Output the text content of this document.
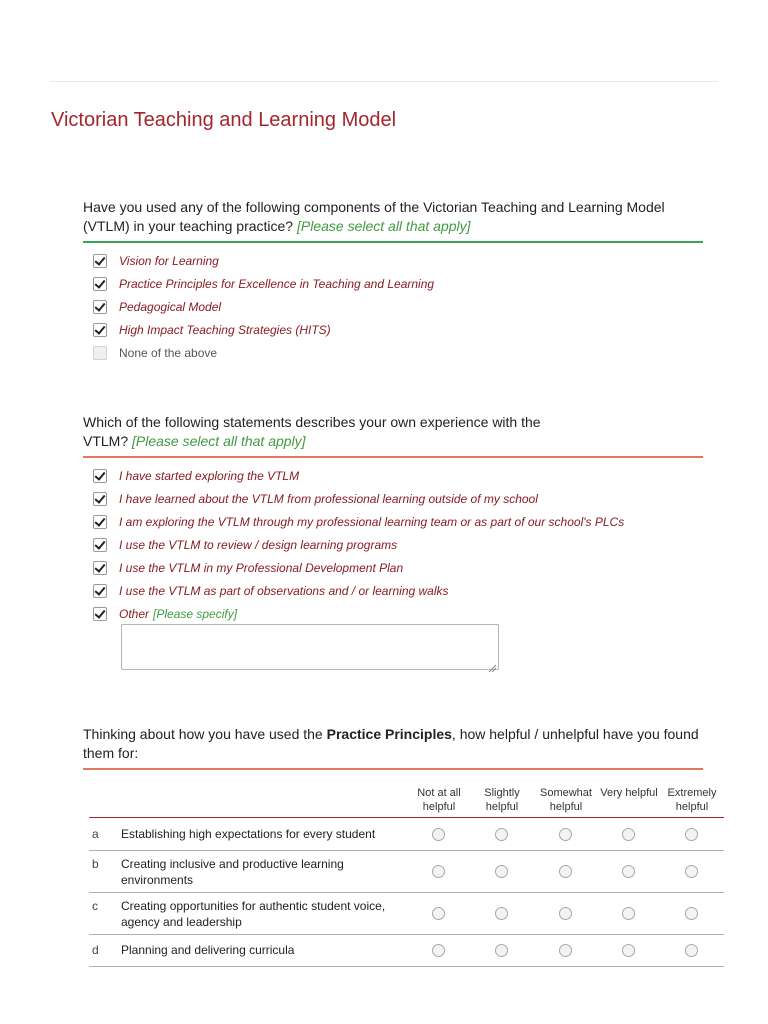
Victorian Teaching and Learning Model
Have you used any of the following components of the Victorian Teaching and Learning Model (VTLM) in your teaching practice? [Please select all that apply]
Vision for Learning
Practice Principles for Excellence in Teaching and Learning
Pedagogical Model
High Impact Teaching Strategies (HITS)
None of the above
Which of the following statements describes your own experience with the VTLM? [Please select all that apply]
I have started exploring the VTLM
I have learned about the VTLM from professional learning outside of my school
I am exploring the VTLM through my professional learning team or as part of our school's PLCs
I use the VTLM to review / design learning programs
I use the VTLM in my Professional Development Plan
I use the VTLM as part of observations and / or learning walks
Other [Please specify]
Thinking about how you have used the Practice Principles, how helpful / unhelpful have you found them for:
Not at all helpful
Slightly helpful
Somewhat helpful
Very helpful Extremely helpful
a Establishing high expectations for every student
b Creating inclusive and productive learning environments
c Creating opportunities for authentic student voice, agency and leadership
d Planning and delivering curricula
